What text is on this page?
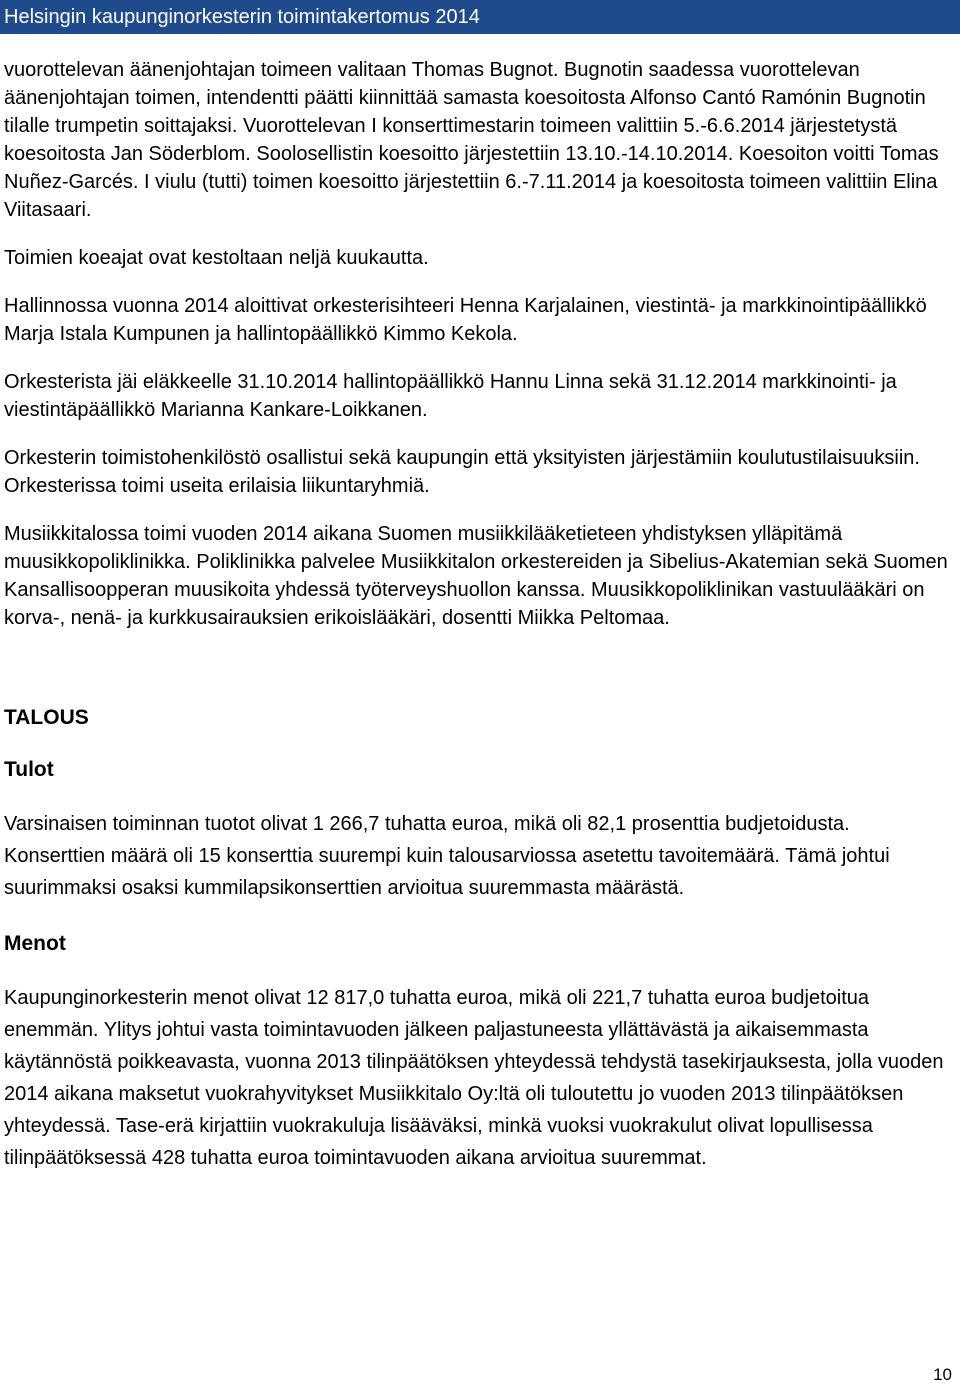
Helsingin kaupunginorkesterin toimintakertomus 2014

vuorottelevan äänenjohtajan toimeen valitaan Thomas Bugnot. Bugnotin saadessa vuorottelevan äänenjohtajan toimen, intendentti päätti kiinnittää samasta koesoitosta Alfonso Cantó Ramónin Bugnotin tilalle trumpetin soittajaksi. Vuorottelevan I konserttimestarin toimeen valittiin 5.-6.6.2014 järjestetystä koesoitosta Jan Söderblom. Soolosellistin koesoitto järjestettiin 13.10.-14.10.2014. Koesoiton voitti Tomas Nuñez-Garcés. I viulu (tutti) toimen koesoitto järjestettiin 6.-7.11.2014 ja koesoitosta toimeen valittiin Elina Viitasaari.

Toimien koeajat ovat kestoltaan neljä kuukautta.

Hallinnossa vuonna 2014 aloittivat orkesterisihteeri Henna Karjalainen, viestintä- ja markkinointipäällikkö Marja Istala Kumpunen ja hallintopäällikkö Kimmo Kekola.

Orkesterista jäi eläkkeelle 31.10.2014 hallintopäällikkö Hannu Linna sekä 31.12.2014 markkinointi- ja viestintäpäällikkö Marianna Kankare-Loikkanen.

Orkesterin toimistohenkilöstö osallistui sekä kaupungin että yksityisten järjestämiin koulutustilaisuuksiin. Orkesterissa toimi useita erilaisia liikuntaryhmiä.

Musiikkitalossa toimi vuoden 2014 aikana Suomen musiikkilääketieteen yhdistyksen ylläpitämä muusikkopoliklinikka. Poliklinikka palvelee Musiikkitalon orkestereiden ja Sibelius-Akatemian sekä Suomen Kansallisoopperan muusikoita yhdessä työterveyshuollon kanssa. Muusikkopoliklinikan vastuulääkäri on korva-, nenä- ja kurkkusairauksien erikoislääkäri, dosentti Miikka Peltomaa.

TALOUS
Tulot

Varsinaisen toiminnan tuotot olivat 1 266,7 tuhatta euroa, mikä oli 82,1 prosenttia budjetoidusta. Konserttien määrä oli 15 konserttia suurempi kuin talousarviossa asetettu tavoitemäärä. Tämä johtui suurimmaksi osaksi kummilapsikonserttien arvioitua suuremmasta määrästä.

Menot

Kaupunginorkesterin menot olivat 12 817,0 tuhatta euroa, mikä oli 221,7 tuhatta euroa budjetoitua enemmän. Ylitys johtui vasta toimintavuoden jälkeen paljastuneesta yllättävästä ja aikaisemmasta käytännöstä poikkeavasta, vuonna 2013 tilinpäätöksen yhteydessä tehdystä tasekirjauksesta, jolla vuoden 2014 aikana maksetut vuokrahyvitykset Musiikkitalo Oy:ltä oli tuloutettu jo vuoden 2013 tilinpäätöksen yhteydessä. Tase-erä kirjattiin vuokrakuluja lisääväksi, minkä vuoksi vuokrakulut olivat lopullisessa tilinpäätöksessä 428 tuhatta euroa toimintavuoden aikana arvioitua suuremmat.

10
